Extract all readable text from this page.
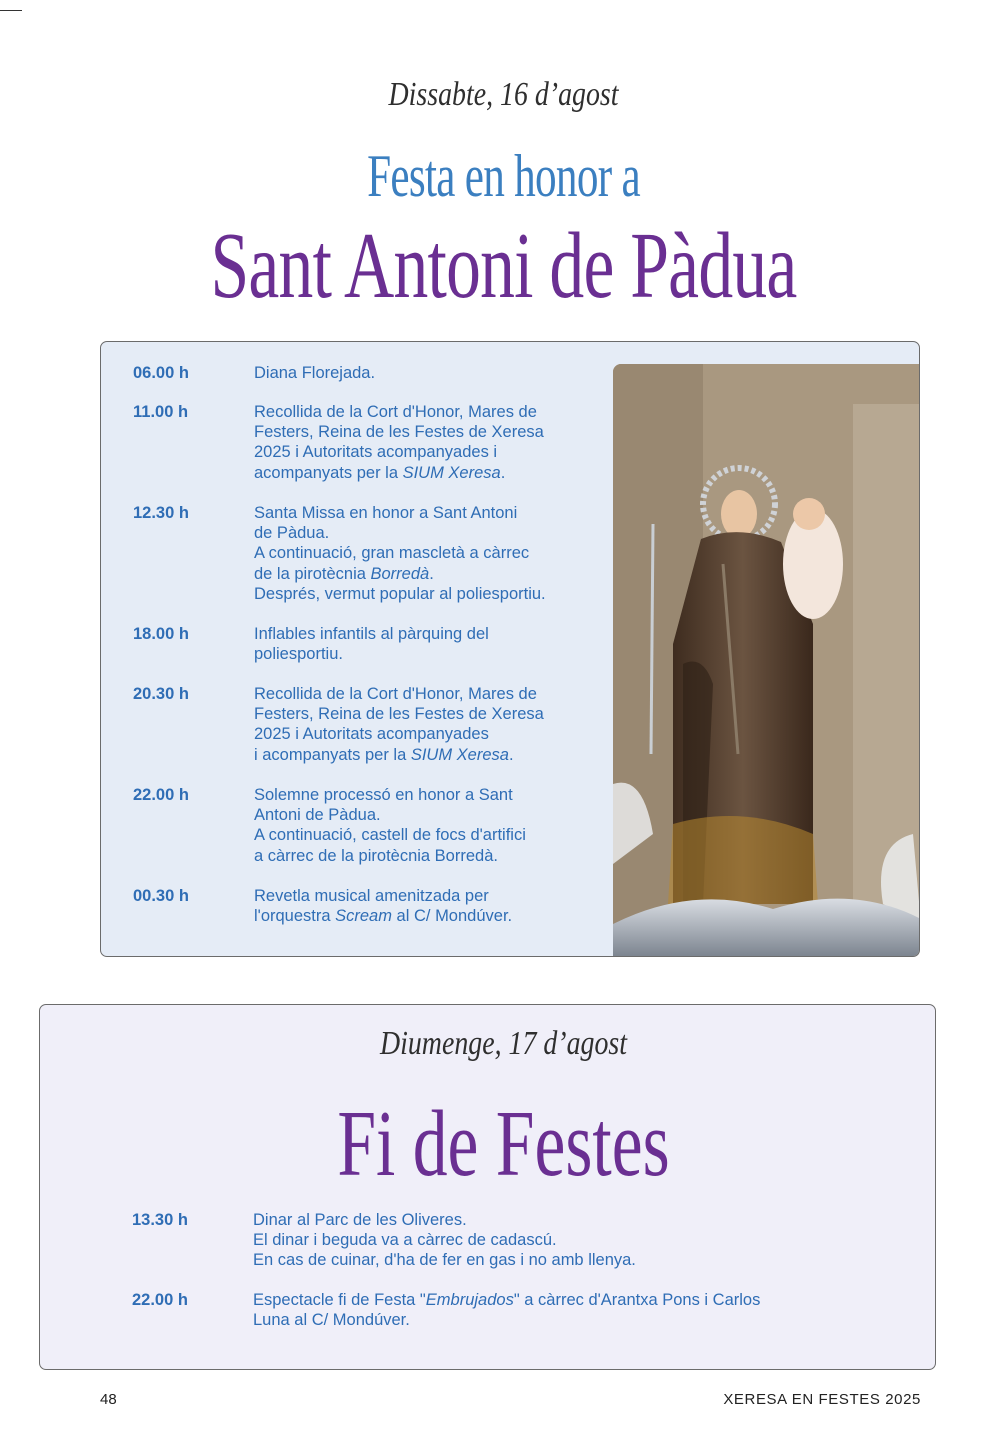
Dissabte, 16 d’agost
Festa en honor a
Sant Antoni de Pàdua
06.00 h	Diana Florejada.
11.00 h	Recollida de la Cort d'Honor, Mares de
Festers, Reina de les Festes de Xeresa
2025 i Autoritats acompanyades i
acompanyats per la SIUM Xeresa.
12.30 h	Santa Missa en honor a Sant Antoni
de Pàdua.
A continuació, gran mascletà a càrrec
de la pirotècnia Borredà.
Després, vermut popular al poliesportiu.
18.00 h	Inflables infantils al pàrquing del
poliesportiu.
20.30 h	Recollida de la Cort d'Honor, Mares de
Festers, Reina de les Festes de Xeresa
2025 i Autoritats acompanyades
i acompanyats per la SIUM Xeresa.
22.00 h	Solemne processó en honor a Sant
Antoni de Pàdua.
A continuació, castell de focs d'artifici
a càrrec de la pirotècnia Borredà.
00.30 h	Revetla musical amenitzada per
l'orquestra Scream al C/ Mondúver.
Diumenge, 17 d’agost
Fi de Festes
13.30 h	Dinar al Parc de les Oliveres.
El dinar i beguda va a càrrec de cadascú.
En cas de cuinar, d'ha de fer en gas i no amb llenya.
22.00 h	Espectacle fi de Festa "Embrujados" a càrrec d'Arantxa Pons i Carlos
Luna al C/ Mondúver.
48	XERESA EN FESTES 2025
